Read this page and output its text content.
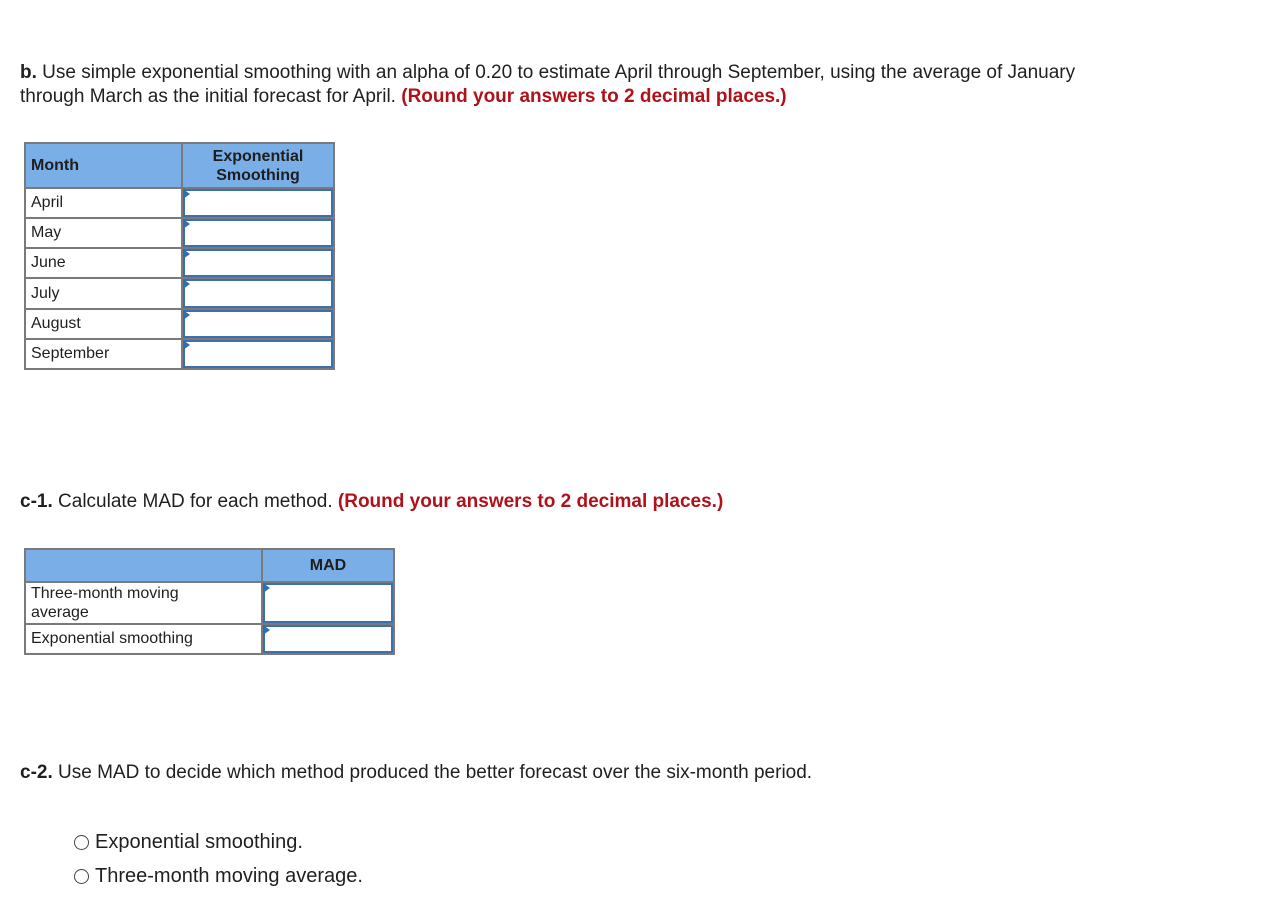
b. Use simple exponential smoothing with an alpha of 0.20 to estimate April through September, using the average of January
through March as the initial forecast for April. (Round your answers to 2 decimal places.)

Month	Exponential
Smoothing
April	

May	

June	

July	

August	

September	

c-1. Calculate MAD for each method. (Round your answers to 2 decimal places.)

	MAD
Three-month moving
average	

Exponential smoothing	

c-2. Use MAD to decide which method produced the better forecast over the six-month period.

Exponential smoothing.
Three-month moving average.
